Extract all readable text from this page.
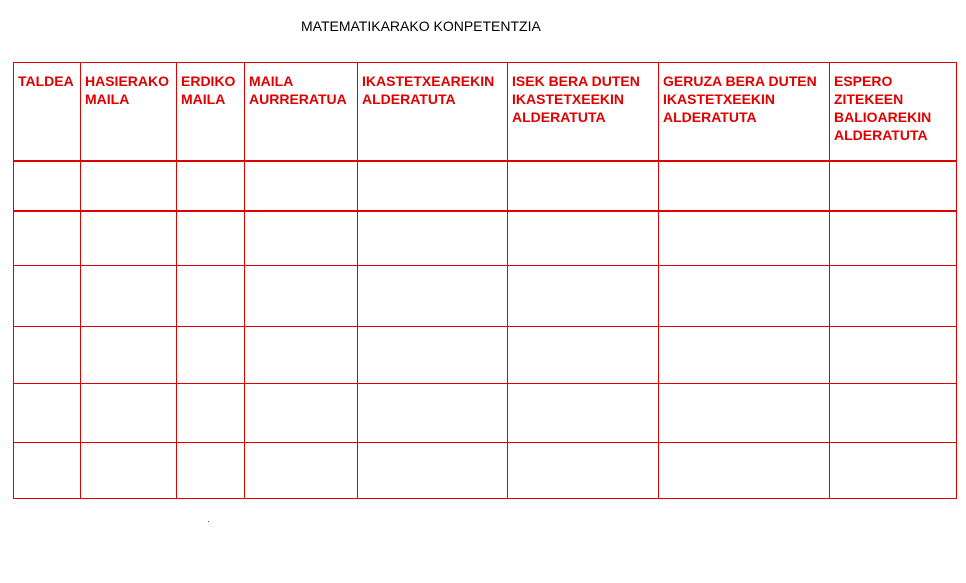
MATEMATIKARAKO KONPETENTZIA
TALDEA	HASIERAKO MAILA	ERDIKO MAILA	MAILA AURRERATUA	IKASTETXEAREKIN ALDERATUTA	ISEK BERA DUTEN IKASTETXEEKIN ALDERATUTA	GERUZA BERA DUTEN IKASTETXEEKIN ALDERATUTA	ESPERO ZITEKEEN BALIOAREKIN ALDERATUTA
